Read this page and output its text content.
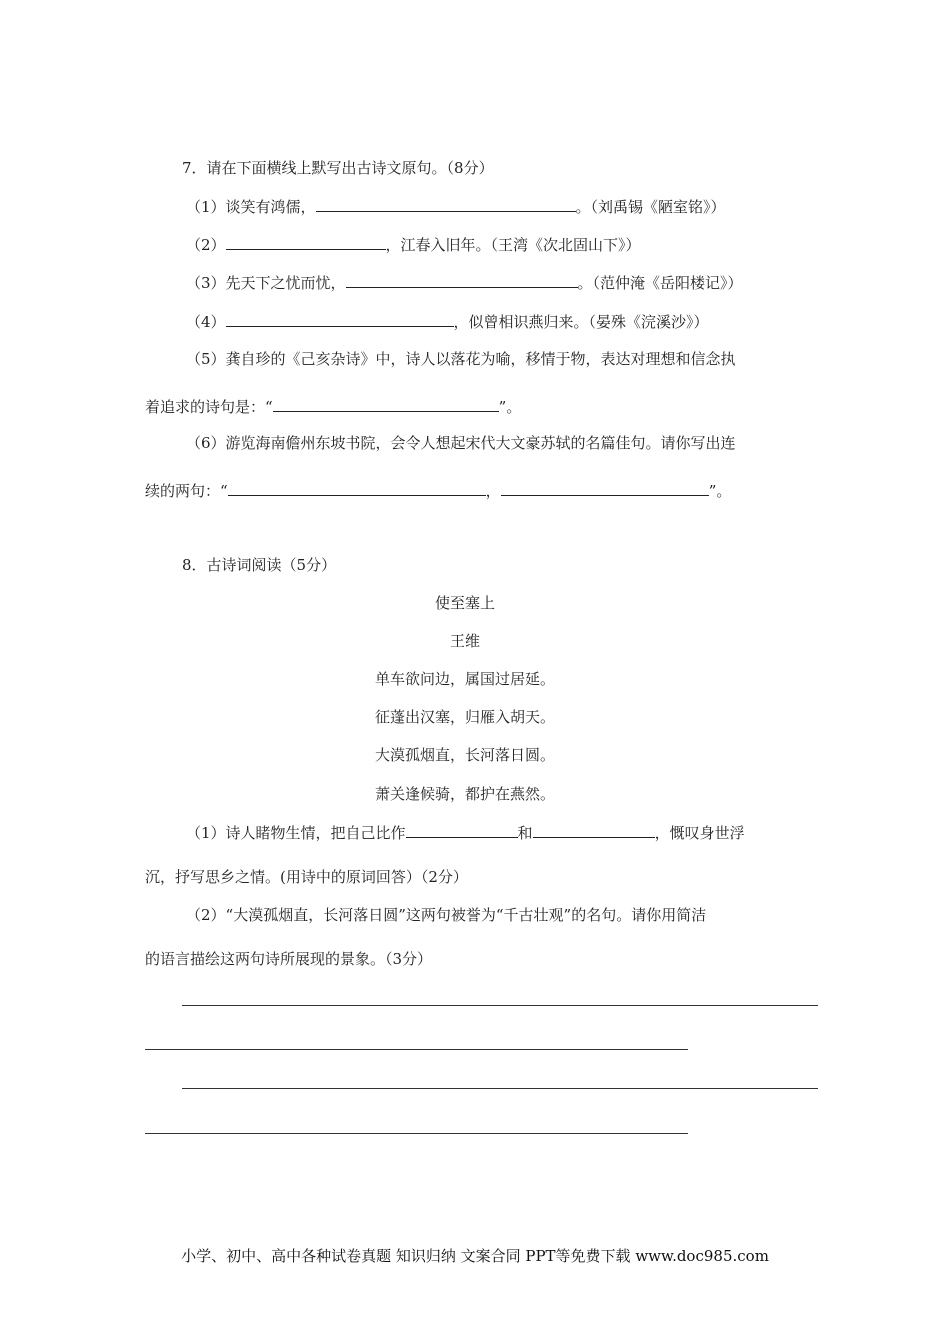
7．请在下面横线上默写出古诗文原句。（8分）
（1）谈笑有鸿儒，	。（刘禹锡《陋室铭》）
（2）	，江春入旧年。（王湾《次北固山下》）
（3）先天下之忧而忧，	。（范仲淹《岳阳楼记》）
（4）	，似曾相识燕归来。（晏殊《浣溪沙》）
（5）龚自珍的《己亥杂诗》中，诗人以落花为喻，移情于物，表达对理想和信念执
着追求的诗句是：“	”。
（6）游览海南儋州东坡书院，会令人想起宋代大文豪苏轼的名篇佳句。请你写出连
续的两句：“	，	”。
8．古诗词阅读（5分）
使至塞上
王维
单车欲问边，属国过居延。
征蓬出汉塞，归雁入胡天。
大漠孤烟直，长河落日圆。
萧关逢候骑，都护在燕然。
（1）诗人睹物生情，把自己比作	和	，慨叹身世浮
沉，抒写思乡之情。(用诗中的原词回答）（2分）
（2）“大漠孤烟直，长河落日圆”这两句被誉为“千古壮观”的名句。请你用简洁
的语言描绘这两句诗所展现的景象。（3分）
小学、初中、高中各种试卷真题 知识归纳 文案合同 PPT等免费下载 www.doc985.com
